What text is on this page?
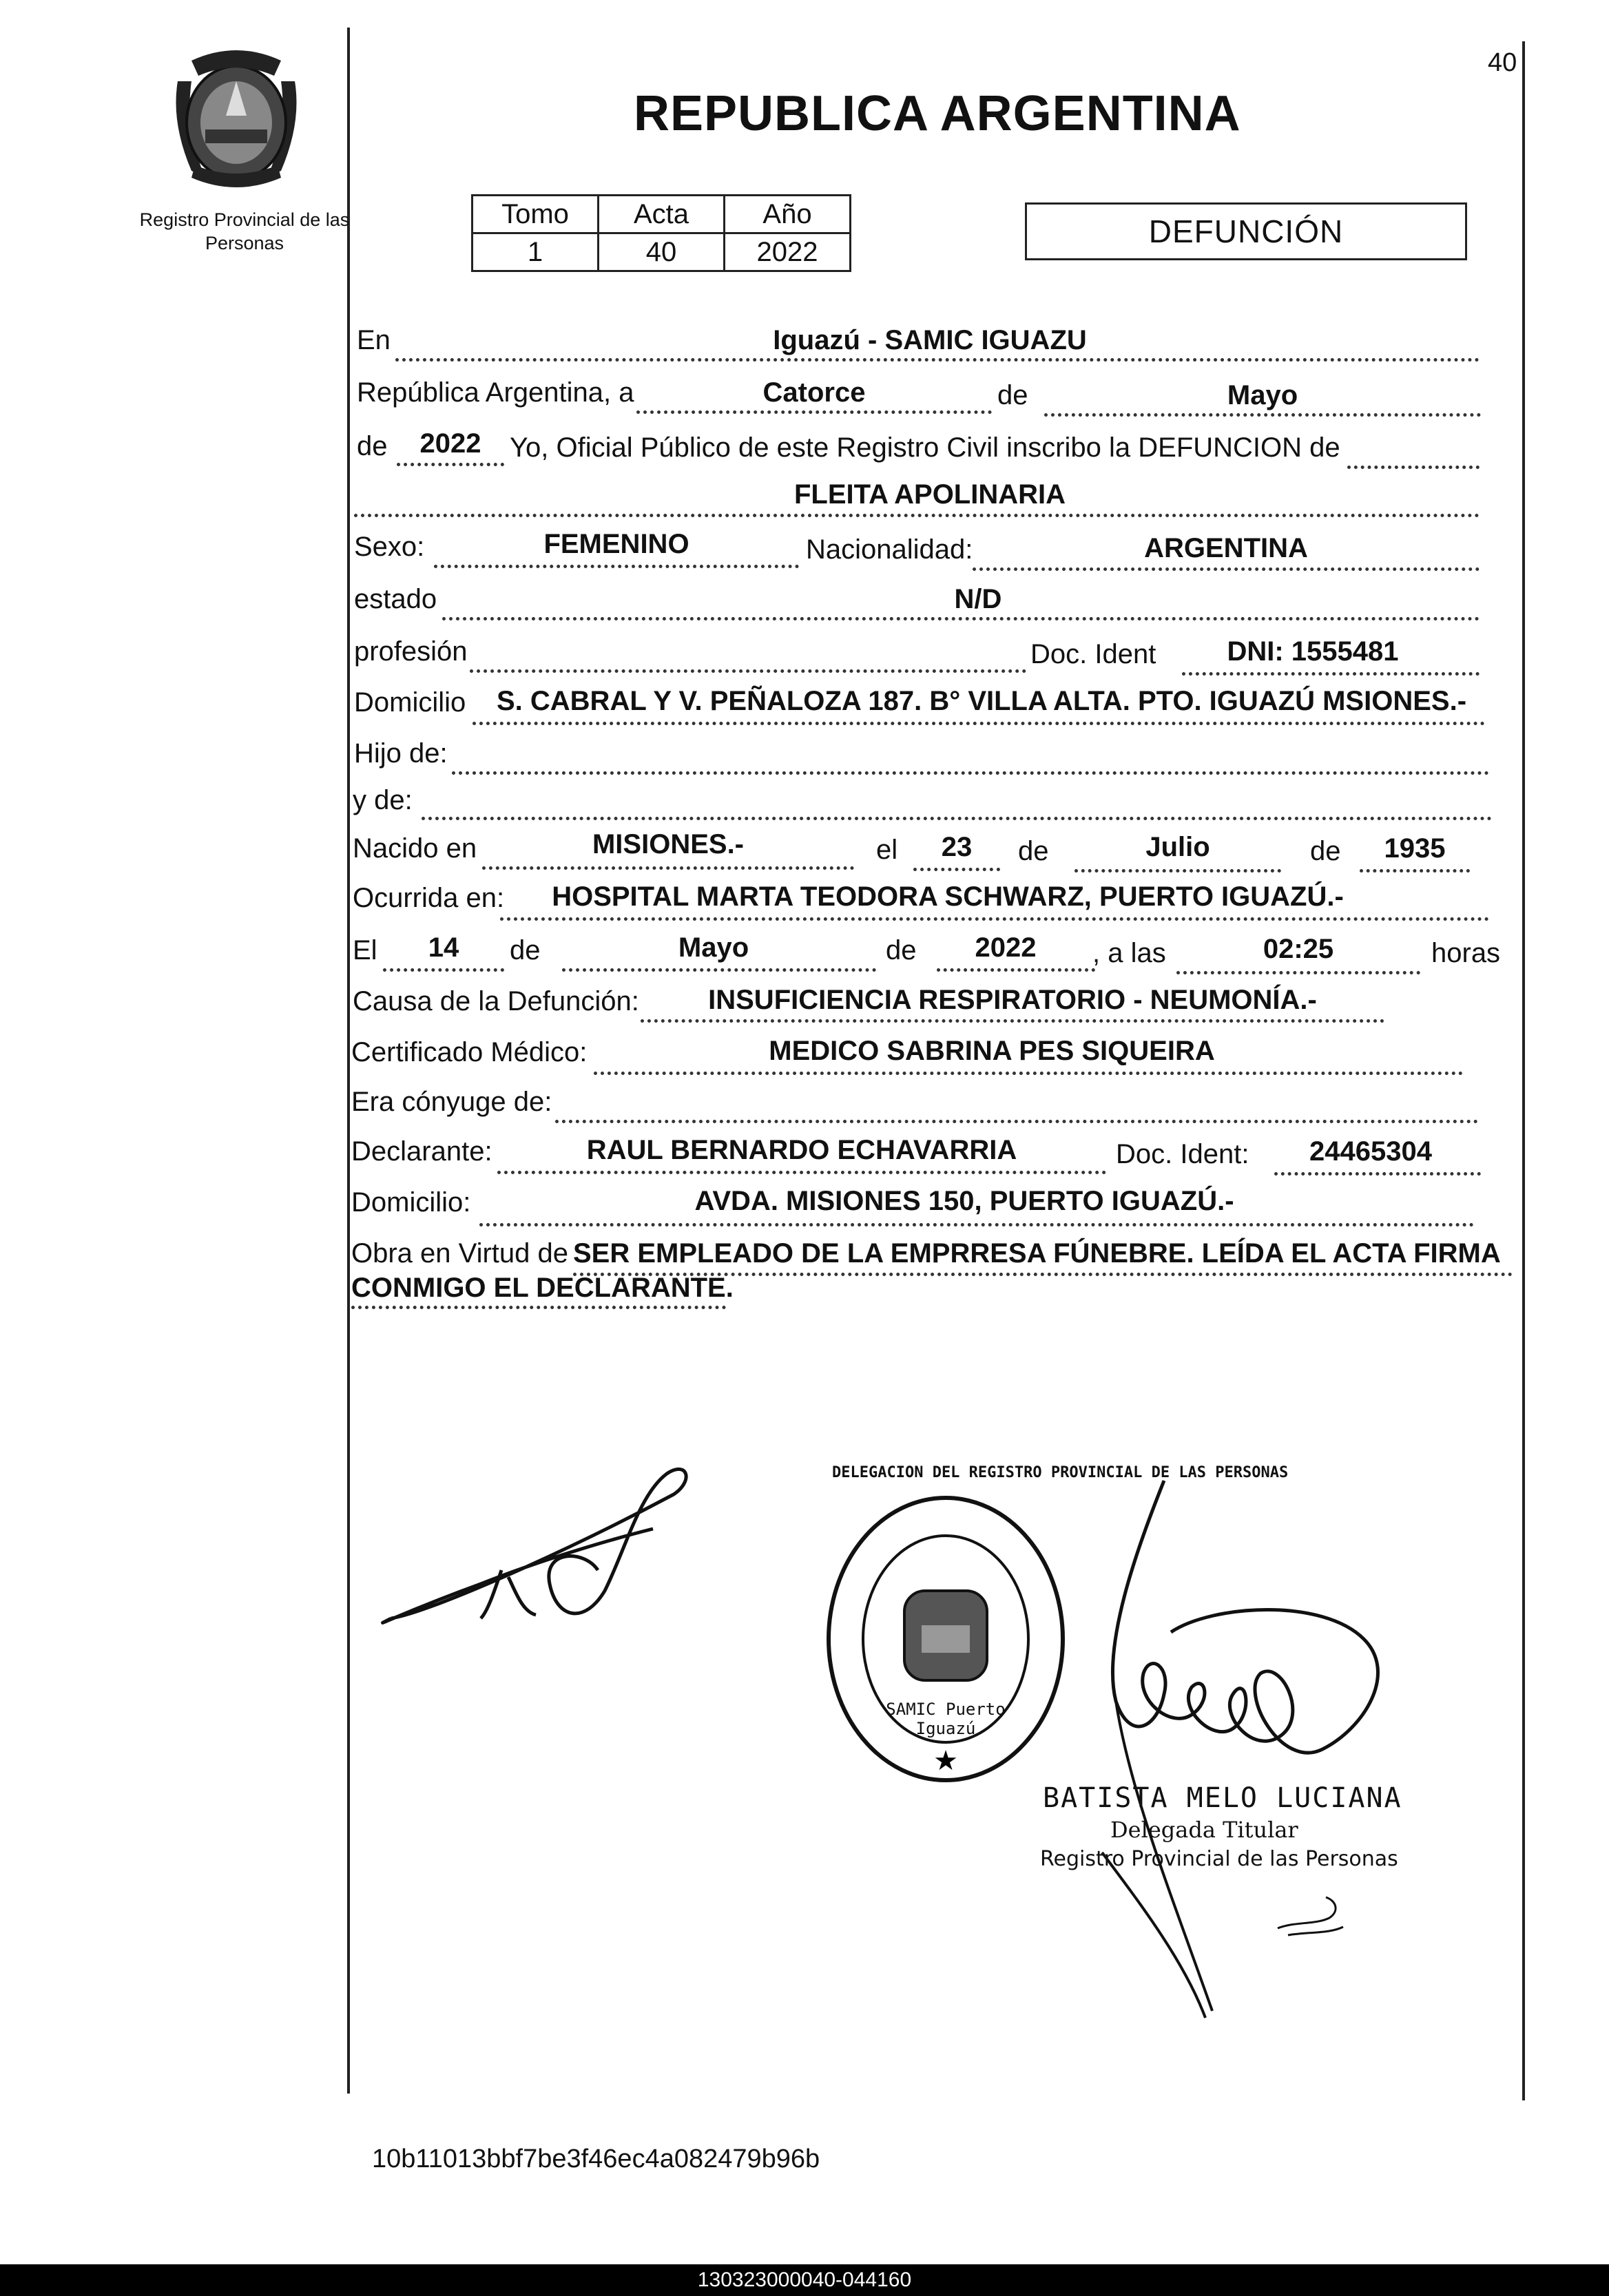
40
Registro Provincial de las Personas
REPUBLICA ARGENTINA
Tomo	Acta	Año
1	40	2022
DEFUNCIÓN
En	Iguazú - SAMIC IGUAZU
República Argentina, a	Catorce	de	Mayo
de	2022	Yo, Oficial Público de este Registro Civil inscribo la DEFUNCION de
FLEITA APOLINARIA
Sexo:	FEMENINO	Nacionalidad:	ARGENTINA
estado	N/D
profesión	Doc. Ident	DNI: 1555481
Domicilio	S. CABRAL Y V. PEÑALOZA 187. B° VILLA ALTA. PTO. IGUAZÚ MSIONES.-
Hijo de:
y de:
Nacido en	MISIONES.-	el	23	de	Julio	de	1935
Ocurrida en:	HOSPITAL MARTA TEODORA SCHWARZ, PUERTO IGUAZÚ.-
El	14	de	Mayo	de	2022	, a las	02:25	horas
Causa de la Defunción:	INSUFICIENCIA RESPIRATORIO - NEUMONÍA.-
Certificado Médico:	MEDICO SABRINA PES SIQUEIRA
Era cónyuge de:
Declarante:	RAUL BERNARDO ECHAVARRIA	Doc. Ident:	24465304
Domicilio:	AVDA. MISIONES 150, PUERTO IGUAZÚ.-
Obra en Virtud de SER EMPLEADO DE LA EMPRRESA FÚNEBRE. LEÍDA EL ACTA FIRMA
CONMIGO EL DECLARANTE.
★
DELEGACION DEL REGISTRO PROVINCIAL DE LAS PERSONAS
SAMIC Puerto Iguazú
BATISTA MELO LUCIANA
Delegada Titular
Registro Provincial de las Personas
10b11013bbf7be3f46ec4a082479b96b
130323000040-044160
